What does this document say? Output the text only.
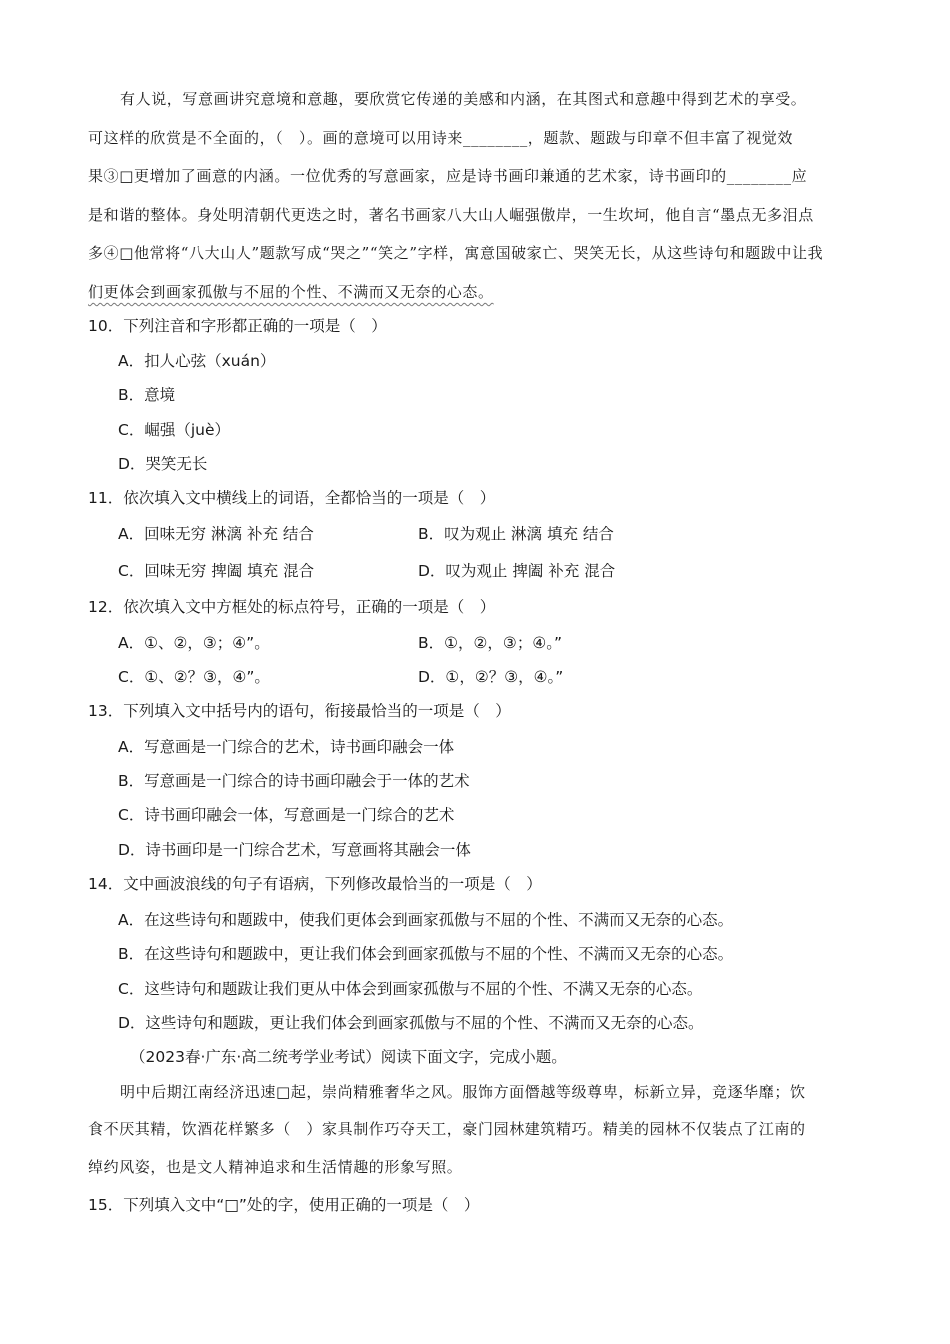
有人说，写意画讲究意境和意趣，要欣赏它传递的美感和内涵，在其图式和意趣中得到艺术的享受。
可这样的欣赏是不全面的，（　）。画的意境可以用诗来________，题款、题跋与印章不但丰富了视觉效
果③□更增加了画意的内涵。一位优秀的写意画家，应是诗书画印兼通的艺术家，诗书画印的________应
是和谐的整体。身处明清朝代更迭之时，著名书画家八大山人崛强傲岸，一生坎坷，他自言“墨点无多泪点
多④□他常将“八大山人”题款写成“哭之”“笑之”字样，寓意国破家亡、哭笑无长，从这些诗句和题跋中让我
们更体会到画家孤傲与不屈的个性、不满而又无奈的心态。
10．下列注音和字形都正确的一项是（　）
A．扣人心弦（xuán）
B．意境
C．崛强（juè）
D．哭笑无长
11．依次填入文中横线上的词语，全都恰当的一项是（　）
A．回味无穷 淋漓 补充 结合	B．叹为观止 淋漓 填充 结合
C．回味无穷 捭阖 填充 混合	D．叹为观止 捭阖 补充 混合
12．依次填入文中方框处的标点符号，正确的一项是（　）
A．①、②，③；④”。	B．①，②，③；④。”
C．①、②？③，④”。	D．①，②？③，④。”
13．下列填入文中括号内的语句，衔接最恰当的一项是（　）
A．写意画是一门综合的艺术，诗书画印融会一体
B．写意画是一门综合的诗书画印融会于一体的艺术
C．诗书画印融会一体，写意画是一门综合的艺术
D．诗书画印是一门综合艺术，写意画将其融会一体
14．文中画波浪线的句子有语病，下列修改最恰当的一项是（　）
A．在这些诗句和题跋中，使我们更体会到画家孤傲与不屈的个性、不满而又无奈的心态。
B．在这些诗句和题跋中，更让我们体会到画家孤傲与不屈的个性、不满而又无奈的心态。
C．这些诗句和题跋让我们更从中体会到画家孤傲与不屈的个性、不满又无奈的心态。
D．这些诗句和题跋，更让我们体会到画家孤傲与不屈的个性、不满而又无奈的心态。
（2023春·广东·高二统考学业考试）阅读下面文字，完成小题。
明中后期江南经济迅速□起，崇尚精雅奢华之风。服饰方面僭越等级尊卑，标新立异，竞逐华靡；饮
食不厌其精，饮酒花样繁多（　）家具制作巧夺天工，豪门园林建筑精巧。精美的园林不仅装点了江南的
绰约风姿，也是文人精神追求和生活情趣的形象写照。
15．下列填入文中“□”处的字，使用正确的一项是（　）
